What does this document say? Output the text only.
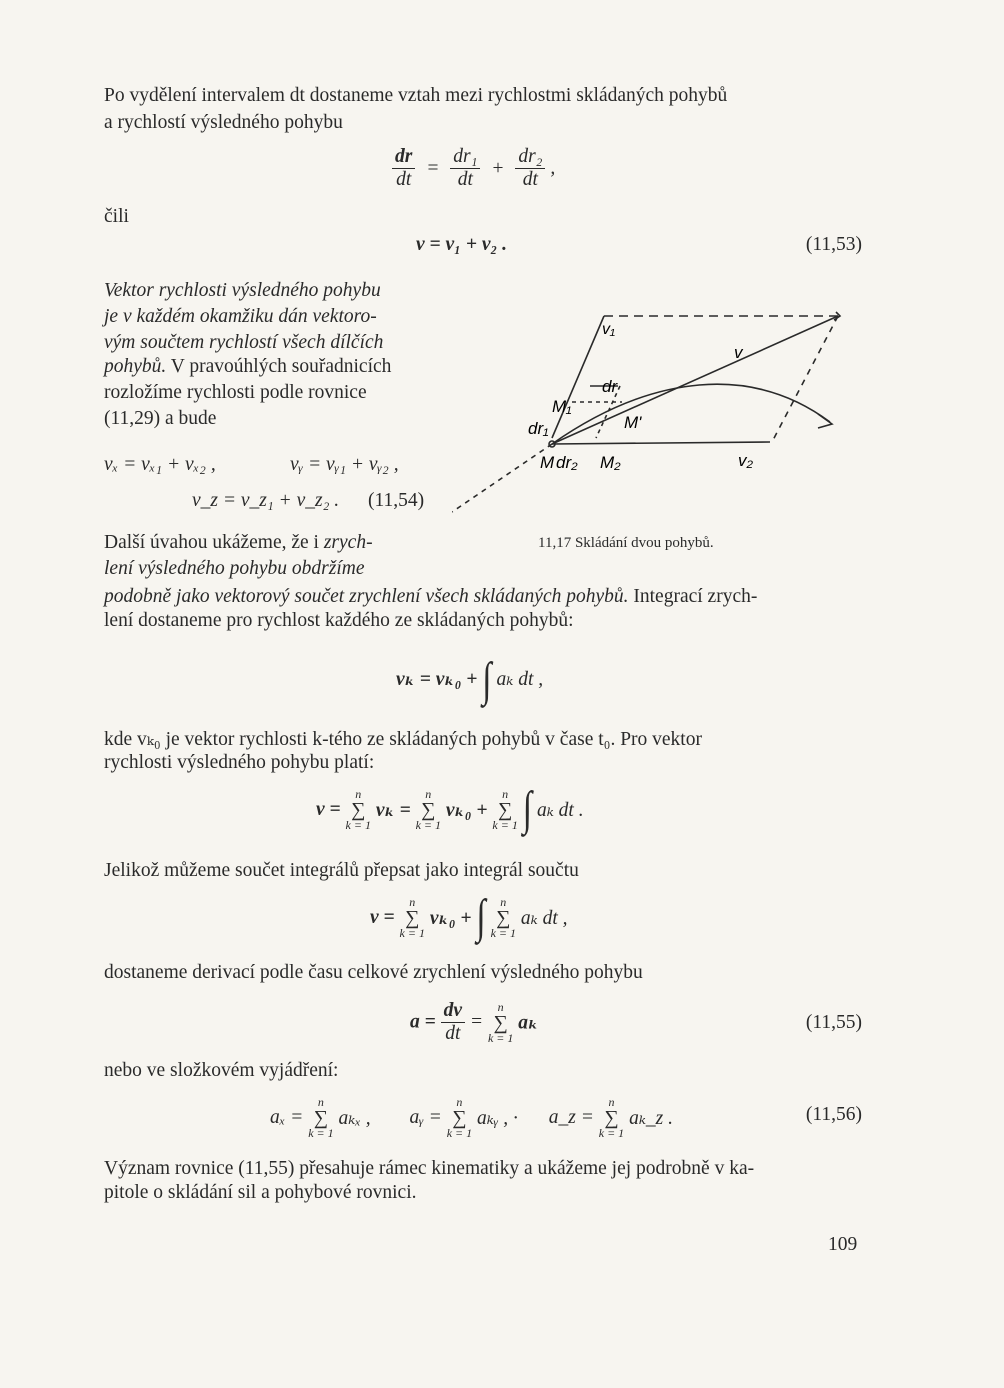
Po vydělení intervalem dt dostaneme vztah mezi rychlostmi skládaných pohybů
a rychlostí výsledného pohybu
$\frac{dr}{dt} = \frac{\text{dr₁}}{dt} + \frac{\text{dr₂}}{dt}$ ,
čili
v = v₁ + v₂ .	(11,53)
Vektor rychlosti výsledného pohybu
je v každém okamžiku dán vektoro-
vým součtem rychlostí všech dílčích
pohybů. V pravoúhlých souřadnicích
rozložíme rychlosti podle rovnice
(11,29) a bude
vₓ = vₓ₁ + vₓ₂ ,	vᵧ = vᵧ₁ + vᵧ₂ ,
v_z = v_z₁ + v_z₂ . (11,54)
v₁
v
dr
M₁
dr₁	M'
M dr₂ M₂	v₂
11,17 Skládání dvou pohybů.
Další úvahou ukážeme, že i zrych-
lení výsledného pohybu obdržíme
podobně jako vektorový součet zrychlení všech skládaných pohybů. Integrací zrych-
lení dostaneme pro rychlost každého ze skládaných pohybů:
vₖ = vₖ₀ + ∫ aₖ dt ,
kde vₖ₀ je vektor rychlosti k-tého ze skládaných pohybů v čase t₀. Pro vektor
rychlosti výsledného pohybu platí:
v =
n
∑
k = 1
vₖ =
n
∑
k = 1
vₖ₀ +
n
∑
k = 1 ∫ aₖ dt .
Jelikož můžeme součet integrálů přepsat jako integrál součtu
v =
n
∑
k = 1
vₖ₀ + ∫	n
∑
k = 1
aₖ dt ,
dostaneme derivací podle času celkové zrychlení výsledného pohybu
$a = \frac{dv}{dt}$ =
n
∑
k = 1
aₖ	(11,55)
nebo ve složkovém vyjádření:
aₓ =
n
∑
k = 1
aₖₓ , aᵧ =
n
∑
k = 1
aₖᵧ , · a_z =
n
∑
k = 1
aₖ_z .	(11,56)
Význam rovnice (11,55) přesahuje rámec kinematiky a ukážeme jej podrobně v ka-
pitole o skládání sil a pohybové rovnici.
109
